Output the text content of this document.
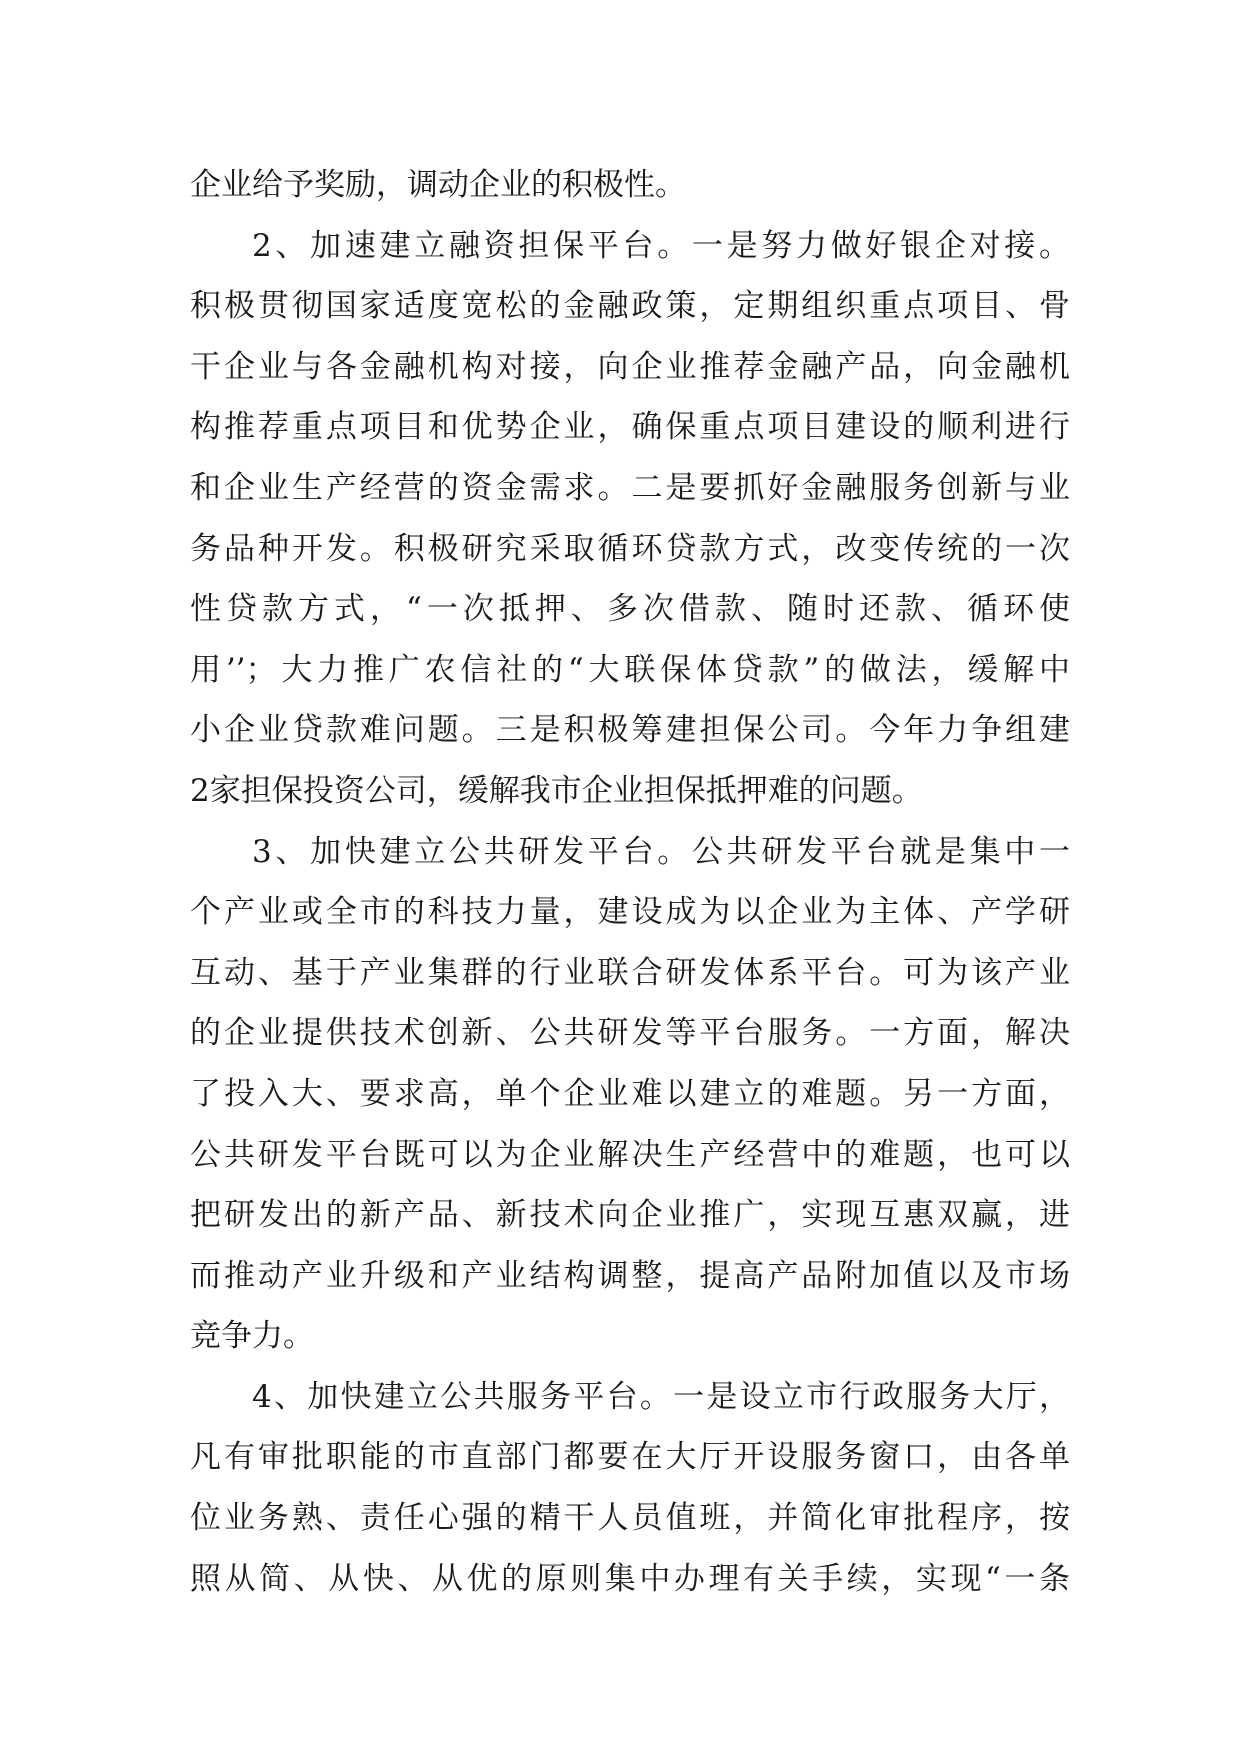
企业给予奖励，调动企业的积极性。
2、加速建立融资担保平台。一是努力做好银企对接。
积极贯彻国家适度宽松的金融政策，定期组织重点项目、骨
干企业与各金融机构对接，向企业推荐金融产品，向金融机
构推荐重点项目和优势企业，确保重点项目建设的顺利进行
和企业生产经营的资金需求。二是要抓好金融服务创新与业
务品种开发。积极研究采取循环贷款方式，改变传统的一次
性贷款方式，“一次抵押、多次借款、随时还款、循环使
用’’；大力推广农信社的“大联保体贷款”的做法，缓解中
小企业贷款难问题。三是积极筹建担保公司。今年力争组建
2家担保投资公司，缓解我市企业担保抵押难的问题。
3、加快建立公共研发平台。公共研发平台就是集中一
个产业或全市的科技力量，建设成为以企业为主体、产学研
互动、基于产业集群的行业联合研发体系平台。可为该产业
的企业提供技术创新、公共研发等平台服务。一方面，解决
了投入大、要求高，单个企业难以建立的难题。另一方面，
公共研发平台既可以为企业解决生产经营中的难题，也可以
把研发出的新产品、新技术向企业推广，实现互惠双赢，进
而推动产业升级和产业结构调整，提高产品附加值以及市场
竞争力。
4、加快建立公共服务平台。一是设立市行政服务大厅，
凡有审批职能的市直部门都要在大厅开设服务窗口，由各单
位业务熟、责任心强的精干人员值班，并简化审批程序，按
照从简、从快、从优的原则集中办理有关手续，实现“一条
